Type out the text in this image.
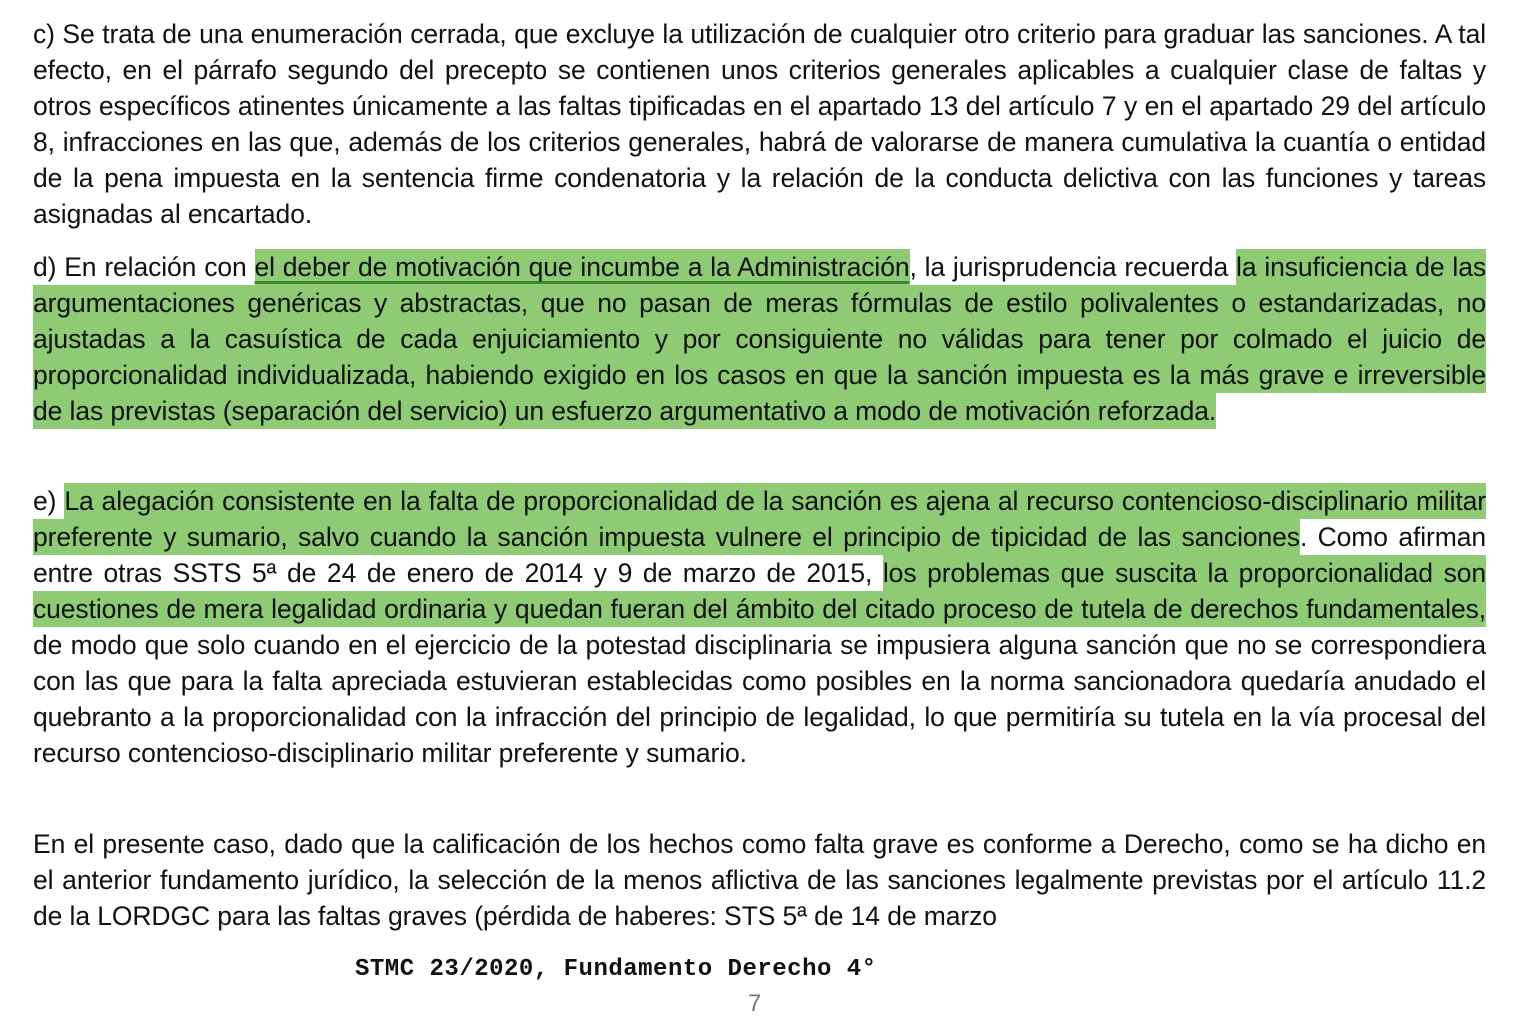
c) Se trata de una enumeración cerrada, que excluye la utilización de cualquier otro criterio para graduar las sanciones. A tal efecto, en el párrafo segundo del precepto se contienen unos criterios generales aplicables a cualquier clase de faltas y otros específicos atinentes únicamente a las faltas tipificadas en el apartado 13 del artículo 7 y en el apartado 29 del artículo 8, infracciones en las que, además de los criterios generales, habrá de valorarse de manera cumulativa la cuantía o entidad de la pena impuesta en la sentencia firme condenatoria y la relación de la conducta delictiva con las funciones y tareas asignadas al encartado.

d) En relación con el deber de motivación que incumbe a la Administración, la jurisprudencia recuerda la insuficiencia de las argumentaciones genéricas y abstractas, que no pasan de meras fórmulas de estilo polivalentes o estandarizadas, no ajustadas a la casuística de cada enjuiciamiento y por consiguiente no válidas para tener por colmado el juicio de proporcionalidad individualizada, habiendo exigido en los casos en que la sanción impuesta es la más grave e irreversible de las previstas (separación del servicio) un esfuerzo argumentativo a modo de motivación reforzada.

e) La alegación consistente en la falta de proporcionalidad de la sanción es ajena al recurso contencioso-disciplinario militar preferente y sumario, salvo cuando la sanción impuesta vulnere el principio de tipicidad de las sanciones. Como afirman entre otras SSTS 5ª de 24 de enero de 2014 y 9 de marzo de 2015, los problemas que suscita la proporcionalidad son cuestiones de mera legalidad ordinaria y quedan fueran del ámbito del citado proceso de tutela de derechos fundamentales, de modo que solo cuando en el ejercicio de la potestad disciplinaria se impusiera alguna sanción que no se correspondiera con las que para la falta apreciada estuvieran establecidas como posibles en la norma sancionadora quedaría anudado el quebranto a la proporcionalidad con la infracción del principio de legalidad, lo que permitiría su tutela en la vía procesal del recurso contencioso-disciplinario militar preferente y sumario.

En el presente caso, dado que la calificación de los hechos como falta grave es conforme a Derecho, como se ha dicho en el anterior fundamento jurídico, la selección de la menos aflictiva de las sanciones legalmente previstas por el artículo 11.2 de la LORDGC para las faltas graves (pérdida de haberes: STS 5ª de 14 de marzo

STMC 23/2020, Fundamento Derecho 4°
7
